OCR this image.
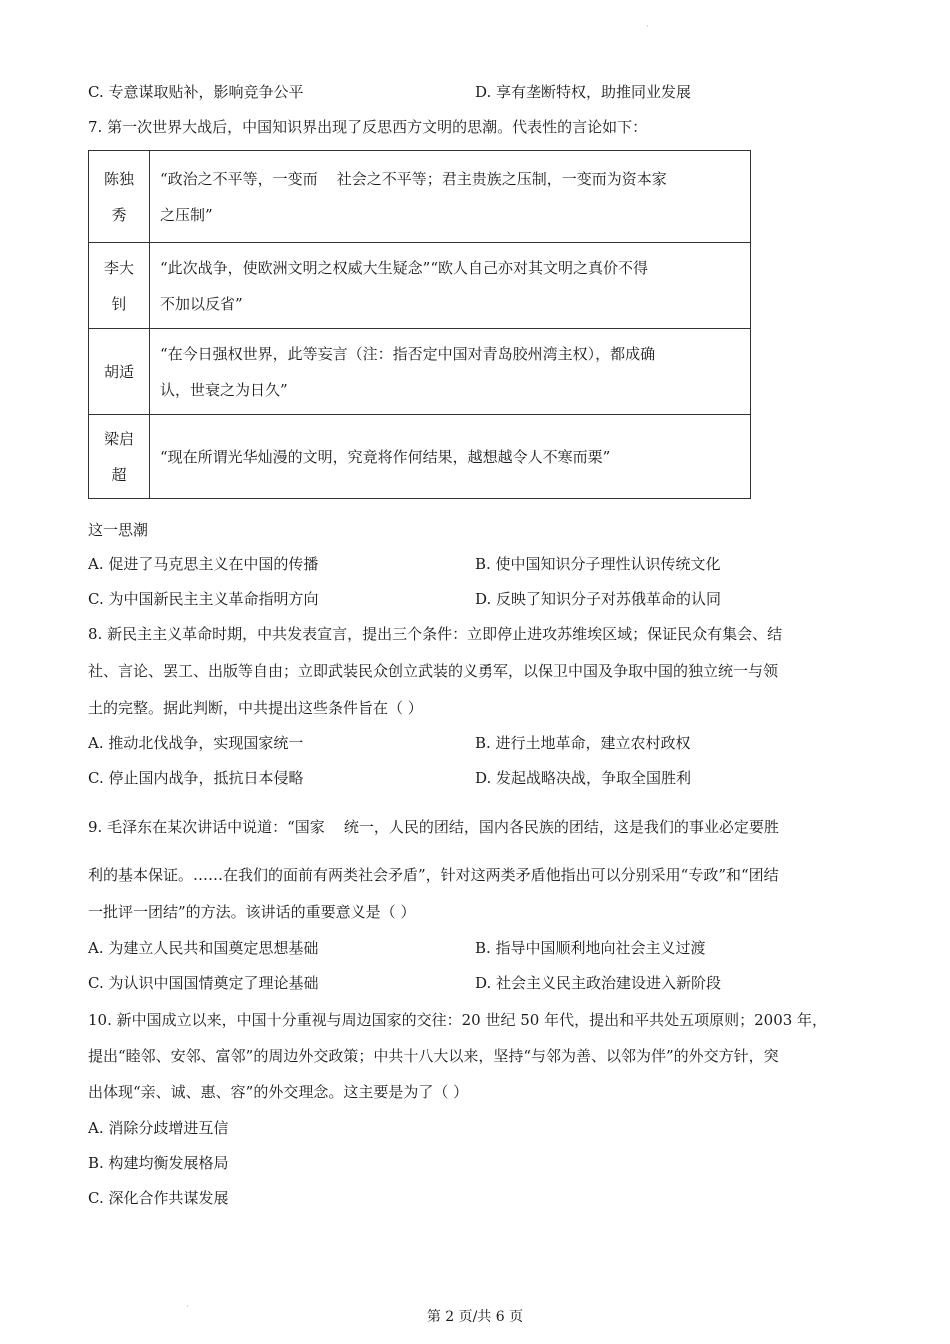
·
C. 专意谋取贴补，影响竞争公平	D. 享有垄断特权，助推同业发展
7. 第一次世界大战后，中国知识界出现了反思西方文明的思潮。代表性的言论如下：
陈独
秀	“政治之不平等，一变而    社会之不平等；君主贵族之压制，一变而为资本家
之压制”
李大
钊	“此次战争，使欧洲文明之权威大生疑念”“欧人自己亦对其文明之真价不得
不加以反省”
胡适	“在今日强权世界，此等妄言（注：指否定中国对青岛胶州湾主权），都成确
认，世衰之为日久”
梁启
超	“现在所谓光华灿漫的文明，究竟将作何结果，越想越令人不寒而栗”
这一思潮
A. 促进了马克思主义在中国的传播	B. 使中国知识分子理性认识传统文化
C. 为中国新民主主义革命指明方向	D. 反映了知识分子对苏俄革命的认同
8. 新民主主义革命时期，中共发表宣言，提出三个条件：立即停止进攻苏维埃区域；保证民众有集会、结
社、言论、罢工、出版等自由；立即武装民众创立武装的义勇军，以保卫中国及争取中国的独立统一与领
土的完整。据此判断，中共提出这些条件旨在（ ）
A. 推动北伐战争，实现国家统一	B. 进行土地革命，建立农村政权
C. 停止国内战争，抵抗日本侵略	D. 发起战略决战，争取全国胜利
9. 毛泽东在某次讲话中说道：“国家    统一，人民的团结，国内各民族的团结，这是我们的事业必定要胜
利的基本保证。……在我们的面前有两类社会矛盾”，针对这两类矛盾他指出可以分别采用“专政”和“团结
一批评一团结”的方法。该讲话的重要意义是（ ）
A. 为建立人民共和国奠定思想基础	B. 指导中国顺利地向社会主义过渡
C. 为认识中国国情奠定了理论基础	D. 社会主义民主政治建设进入新阶段
10. 新中国成立以来，中国十分重视与周边国家的交往：20 世纪 50 年代，提出和平共处五项原则；2003 年，
提出“睦邻、安邻、富邻”的周边外交政策；中共十八大以来，坚持“与邻为善、以邻为伴”的外交方针，突
出体现“亲、诚、惠、容”的外交理念。这主要是为了（ ）
A. 消除分歧增进互信
B. 构建均衡发展格局
C. 深化合作共谋发展
·
第 2 页/共 6 页
